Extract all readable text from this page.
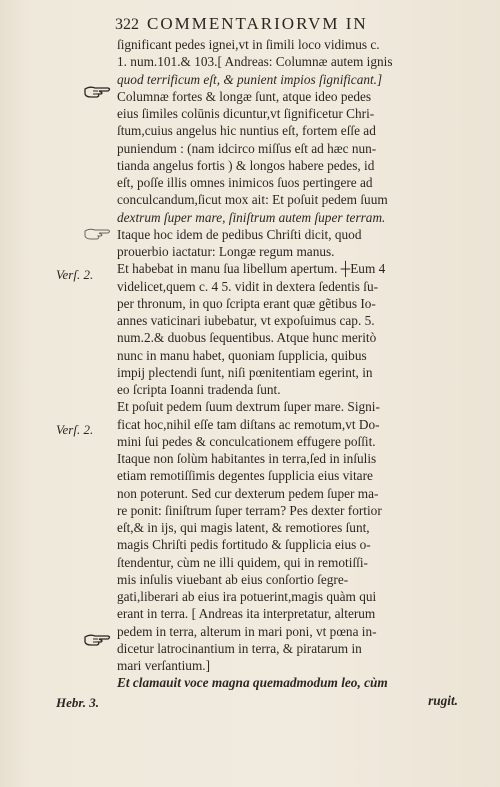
322 COMMENTARIORVM IN
ſignificant pedes ignei,vt in ſimili loco vidimus c.
1. num.101.& 103.[ Andreas: Columnæ autem ignis
quod terrificum eſt, & punient impios ſignificant.]
Columnæ fortes & longæ ſunt, atque ideo pedes
eius ſimiles colūnis dicuntur,vt ſignificetur Chri-
ſtum,cuius angelus hic nuntius eſt, fortem eſſe ad
puniendum : (nam idcirco miſſus eſt ad hæc nun-
tianda angelus fortis ) & longos habere pedes, id
eſt, poſſe illis omnes inimicos ſuos pertingere ad
conculcandum,ſicut mox ait: Et poſuit pedem ſuum
dextrum ſuper mare, ſiniſtrum autem ſuper terram.
Itaque hoc idem de pedibus Chriſti dicit, quod
prouerbio iactatur: Longæ regum manus.
Et habebat in manu ſua libellum apertum. ┼Eum 4
videlicet,quem c. 4 5. vidit in dextera ſedentis ſu-
per thronum, in quo ſcripta erant quæ gẽtibus Io-
annes vaticinari iubebatur, vt expoſuimus cap. 5.
num.2.& duobus ſequentibus. Atque hunc meritò
nunc in manu habet, quoniam ſupplicia, quibus
impij plectendi ſunt, niſi pœnitentiam egerint, in
eo ſcripta Ioanni tradenda ſunt.
Et poſuit pedem ſuum dextrum ſuper mare. Signi-
ficat hoc,nihil eſſe tam diſtans ac remotum,vt Do-
mini ſui pedes & conculcationem effugere poſſit.
Itaque non ſolùm habitantes in terra,ſed in inſulis
etiam remotiſſimis degentes ſupplicia eius vitare
non poterunt. Sed cur dexterum pedem ſuper ma-
re ponit: ſiniſtrum ſuper terram? Pes dexter fortior
eſt,& in ijs, qui magis latent, & remotiores ſunt,
magis Chriſti pedis fortitudo & ſupplicia eius o-
ſtendentur, cùm ne illi quidem, qui in remotiſſi-
mis inſulis viuebant ab eius conſortio ſegre-
gati,liberari ab eius ira potuerint,magis quàm qui
erant in terra. [ Andreas ita interpretatur, alterum
pedem in terra, alterum in mari poni, vt pœna in-
dicetur latrocinantium in terra, & piratarum in
mari verſantium.]
Et clamauit voce magna quemadmodum leo, cùm
rugit.
Verſ. 2.
Verſ. 2.
Hebr. 3.
